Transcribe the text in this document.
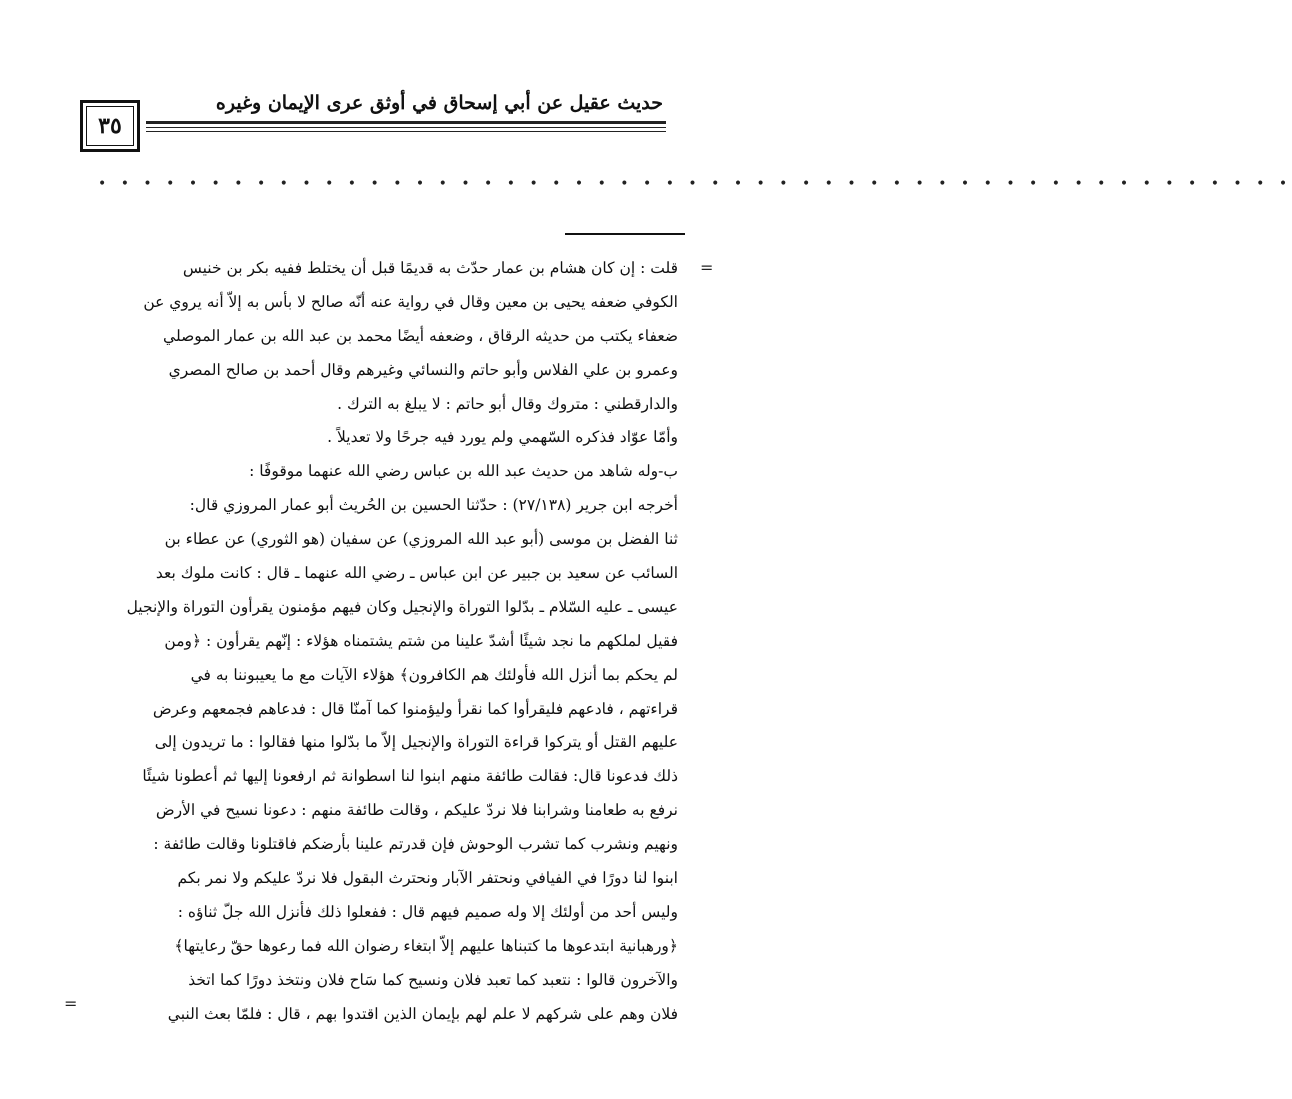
حديث عقيل عن أبي إسحاق في أوثق عرى الإيمان وغيره
٣٥
• • • • • • • • • • • • • • • • • • • • • • • • • • • • • • • • • • • • • • • • • • • • • • • • • • • • •
=
=
قلت : إن كان هشام بن عمار حدّث به قديمًا قبل أن يختلط ففيه بكر بن خنيس
الكوفي ضعفه يحيى بن معين وقال في رواية عنه أنّه صالح لا بأس به إلاّ أنه يروي عن
ضعفاء يكتب من حديثه الرقاق ، وضعفه أيضًا محمد بن عبد الله بن عمار الموصلي
وعمرو بن علي الفلاس وأبو حاتم والنسائي وغيرهم وقال أحمد بن صالح المصري
والدارقطني : متروك وقال أبو حاتم : لا يبلغ به الترك .
وأمّا عوّاد فذكره السّهمي ولم يورد فيه جرحًا ولا تعديلاً .
ب-وله شاهد من حديث عبد الله بن عباس رضي الله عنهما موقوفًا :
أخرجه ابن جرير (٢٧/١٣٨) : حدّثنا الحسين بن الحُريث أبو عمار المروزي قال:
ثنا الفضل بن موسى (أبو عبد الله المروزي) عن سفيان (هو الثوري) عن عطاء بن
السائب عن سعيد بن جبير عن ابن عباس ـ رضي الله عنهما ـ قال : كانت ملوك بعد
عيسى ـ عليه السّلام ـ بدّلوا التوراة والإنجيل وكان فيهم مؤمنون يقرأون التوراة والإنجيل
فقيل لملكهم ما نجد شيئًا أشدّ علينا من شتم يشتمناه هؤلاء : إنّهم يقرأون : ﴿ومن
لم يحكم بما أنزل الله فأولئك هم الكافرون﴾ هؤلاء الآيات مع ما يعيبوننا به في
قراءتهم ، فادعهم فليقرأوا كما نقرأ وليؤمنوا كما آمنّا قال : فدعاهم فجمعهم وعرض
عليهم القتل أو يتركوا قراءة التوراة والإنجيل إلاّ ما بدّلوا منها فقالوا : ما تريدون إلى
ذلك فدعونا قال: فقالت طائفة منهم ابنوا لنا اسطوانة ثم ارفعونا إليها ثم أعطونا شيئًا
نرفع به طعامنا وشرابنا فلا نردّ عليكم ، وقالت طائفة منهم : دعونا نسيح في الأرض
ونهيم ونشرب كما تشرب الوحوش فإن قدرتم علينا بأرضكم فاقتلونا وقالت طائفة :
ابنوا لنا دورًا في الفيافي ونحتفر الآبار ونحترث البقول فلا نردّ عليكم ولا نمر بكم
وليس أحد من أولئك إلا وله صميم فيهم قال : ففعلوا ذلك فأنزل الله جلّ ثناؤه :
﴿ورهبانية ابتدعوها ما كتبناها عليهم إلاّ ابتغاء رضوان الله فما رعوها حقّ رعايتها﴾
والآخرون قالوا : نتعبد كما تعبد فلان ونسيح كما سَاح فلان ونتخذ دورًا كما اتخذ
فلان وهم على شركهم لا علم لهم بإيمان الذين اقتدوا بهم ، قال : فلمّا بعث النبي
